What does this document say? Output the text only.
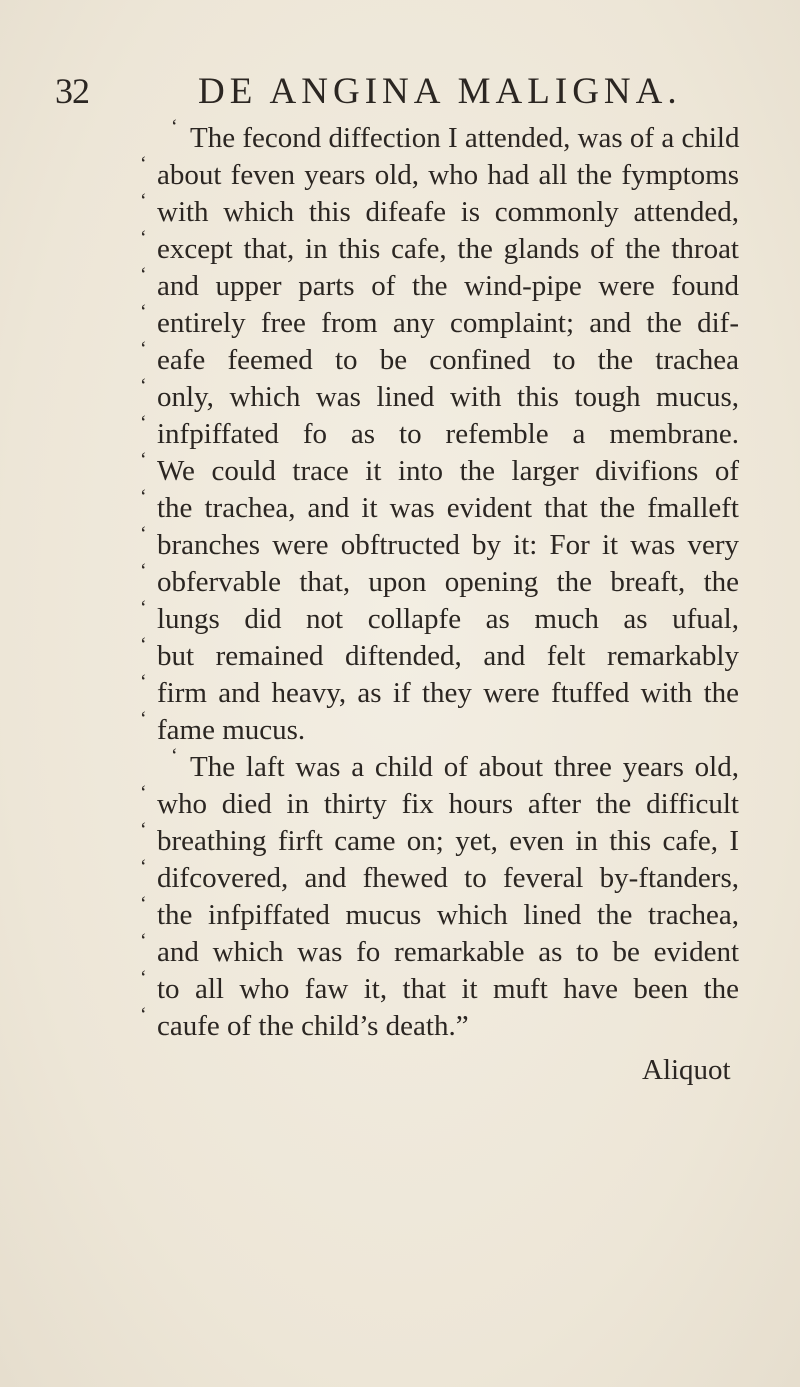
32	DE ANGINA MALIGNA.
‘ The fecond diffection I attended, was of a child
‘ about feven years old, who had all the fymptoms
‘ with which this difeafe is commonly attended,
‘ except that, in this cafe, the glands of the throat
‘ and upper parts of the wind-pipe were found
‘ entirely free from any complaint; and the dif-
‘ eafe feemed to be confined to the trachea
‘ only, which was lined with this tough mucus,
‘ infpiffated fo as to refemble a membrane.
‘ We could trace it into the larger divifions of
‘ the trachea, and it was evident that the fmalleft
‘ branches were obftructed by it: For it was very
‘ obfervable that, upon opening the breaft, the
‘ lungs did not collapfe as much as ufual,
‘ but remained diftended, and felt remarkably
‘ firm and heavy, as if they were ftuffed with the
‘ fame mucus.
‘ The laft was a child of about three years old,
‘ who died in thirty fix hours after the difficult
‘ breathing firft came on; yet, even in this cafe, I
‘ difcovered, and fhewed to feveral by-ftanders,
‘ the infpiffated mucus which lined the trachea,
‘ and which was fo remarkable as to be evident
‘ to all who faw it, that it muft have been the
‘ caufe of the child’s death.”
Aliquot
